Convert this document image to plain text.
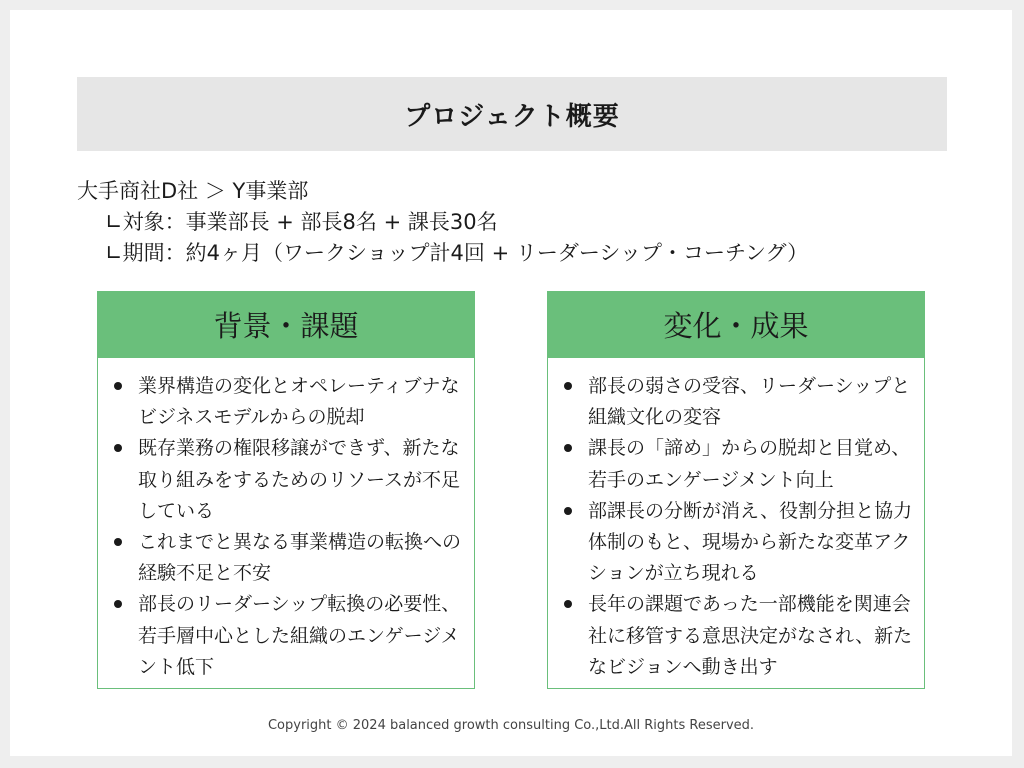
プロジェクト概要
大手商社D社 ＞ Y事業部
∟対象：事業部長 + 部長8名 + 課長30名
∟期間：約4ヶ月（ワークショップ計4回 + リーダーシップ・コーチング）
背景・課題
業界構造の変化とオペレーティブナなビジネスモデルからの脱却
既存業務の権限移譲ができず、新たな取り組みをするためのリソースが不足している
これまでと異なる事業構造の転換への経験不足と不安
部長のリーダーシップ転換の必要性、若手層中心とした組織のエンゲージメント低下
変化・成果
部長の弱さの受容、リーダーシップと組織文化の変容
課長の「諦め」からの脱却と目覚め、若手のエンゲージメント向上
部課長の分断が消え、役割分担と協力体制のもと、現場から新たな変革アクションが立ち現れる
長年の課題であった一部機能を関連会社に移管する意思決定がなされ、新たなビジョンへ動き出す
Copyright © 2024 balanced growth consulting Co.,Ltd.All Rights Reserved.
